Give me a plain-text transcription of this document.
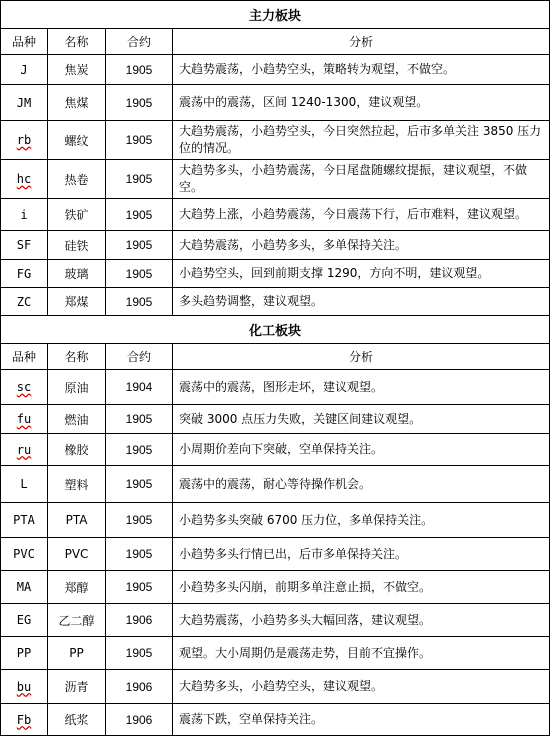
主力板块			
品种	名称	合约	分析
J	焦炭	1905	大趋势震荡，小趋势空头，策略转为观望，不做空。
JM	焦煤	1905	震荡中的震荡，区间 1240-1300，建议观望。
rb	螺纹	1905	大趋势震荡，小趋势空头，今日突然拉起，后市多单关注 3850 压力位的情况。
hc	热卷	1905	大趋势多头，小趋势震荡，今日尾盘随螺纹提振，建议观望，不做空。
i	铁矿	1905	大趋势上涨，小趋势震荡，今日震荡下行，后市难料，建议观望。
SF	硅铁	1905	大趋势震荡，小趋势多头，多单保持关注。
FG	玻璃	1905	小趋势空头，回到前期支撑 1290，方向不明，建议观望。
ZC	郑煤	1905	多头趋势调整，建议观望。
化工板块			
品种	名称	合约	分析
sc	原油	1904	震荡中的震荡，图形走坏，建议观望。
fu	燃油	1905	突破 3000 点压力失败，关键区间建议观望。
ru	橡胶	1905	小周期价差向下突破，空单保持关注。
L	塑料	1905	震荡中的震荡，耐心等待操作机会。
PTA	PTA	1905	小趋势多头突破 6700 压力位，多单保持关注。
PVC	PVC	1905	小趋势多头行情已出，后市多单保持关注。
MA	郑醇	1905	小趋势多头闪崩，前期多单注意止损，不做空。
EG	乙二醇	1906	大趋势震荡，小趋势多头大幅回落，建议观望。
PP	PP	1905	观望。大小周期仍是震荡走势，目前不宜操作。
bu	沥青	1906	大趋势多头，小趋势空头，建议观望。
Fb	纸浆	1906	震荡下跌，空单保持关注。
